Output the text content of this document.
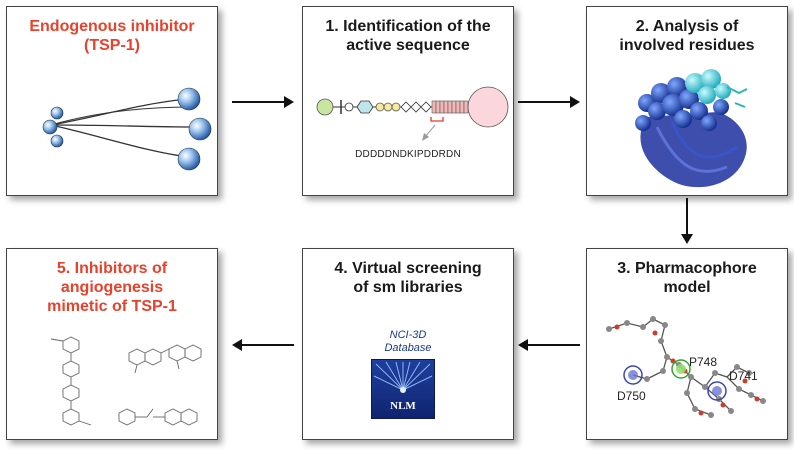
Endogenous inhibitor
(TSP-1)
1. Identification of the
active sequence
DDDDDNDKIPDDRDN
2. Analysis of
involved residues
3. Pharmacophore
model
P748
D741
D750
4. Virtual screening
of sm libraries
NCI-3D
Database
NLM
5. Inhibitors of
angiogenesis
mimetic of TSP-1
